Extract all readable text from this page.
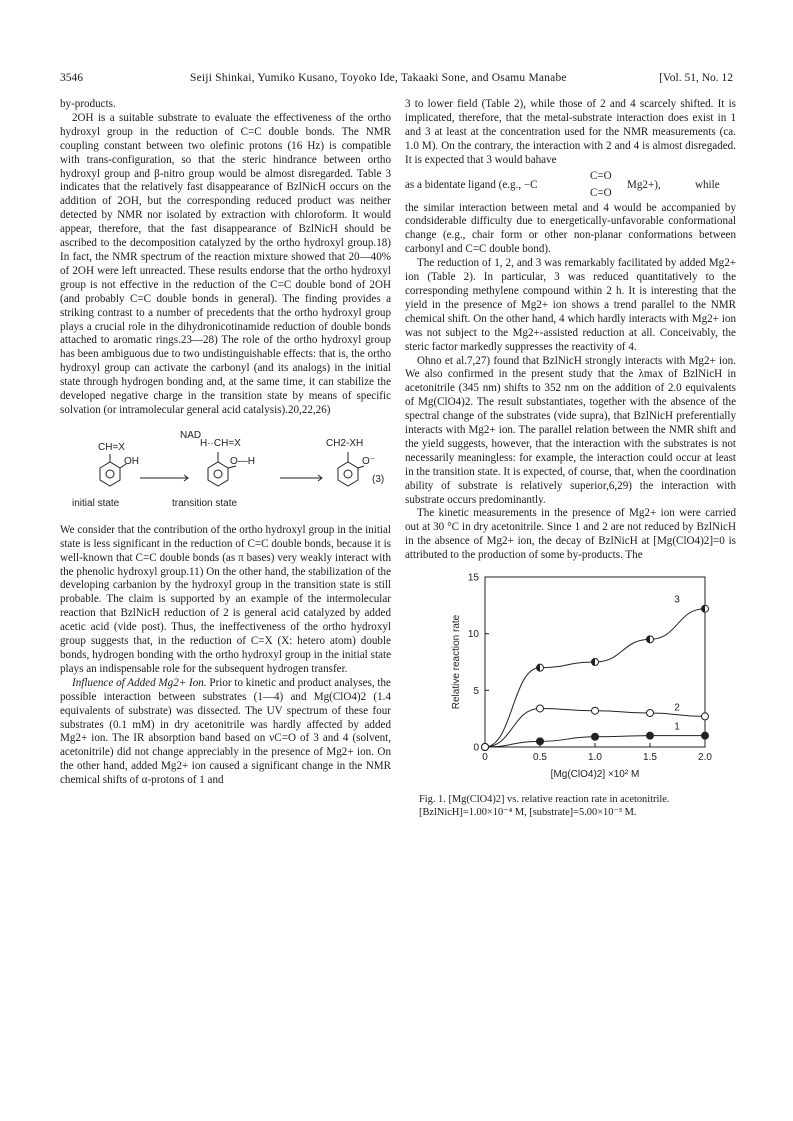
3546	Seiji Shinkai, Yumiko Kusano, Toyoko Ide, Takaaki Sone, and Osamu Manabe	[Vol. 51, No. 12

by-products.

2OH is a suitable substrate to evaluate the effectiveness of the ortho hydroxyl group in the reduction of C=C double bonds. The NMR coupling constant between two olefinic protons (16 Hz) is compatible with trans-configuration, so that the steric hindrance between ortho hydroxyl group and β-nitro group would be almost disregarded. Table 3 indicates that the relatively fast disappearance of BzlNicH occurs on the addition of 2OH, but the corresponding reduced product was neither detected by NMR nor isolated by extraction with chloroform. It would appear, therefore, that the fast disappearance of BzlNicH should be ascribed to the decomposition catalyzed by the ortho hydroxyl group.18) In fact, the NMR spectrum of the reaction mixture showed that 20—40% of 2OH were left unreacted. These results endorse that the ortho hydroxyl group is not effective in the reduction of the C=C double bond of 2OH (and probably C=C double bonds in general). The finding provides a striking contrast to a number of precedents that the ortho hydroxyl group plays a crucial role in the dihydronicotinamide reduction of double bonds attached to aromatic rings.23—28) The role of the ortho hydroxyl group has been ambiguous due to two undistinguishable effects: that is, the ortho hydroxyl group can activate the carbonyl (and its analogs) in the initial state through hydrogen bonding and, at the same time, it can stabilize the developed negative charge in the transition state by means of specific solvation (or intramolecular general acid catalysis).20,22,26)

CH=X
OH
NAD
H··CH=X
O—H
CH2-XH
O⁻
(3)
initial state	transition state

We consider that the contribution of the ortho hydroxyl group in the initial state is less significant in the reduction of C=C double bonds, because it is well-known that C=C double bonds (as π bases) very weakly interact with the phenolic hydroxyl group.11) On the other hand, the stabilization of the developing carbanion by the hydroxyl group in the transition state is still probable. The claim is supported by an example of the intermolecular reaction that BzlNicH reduction of 2 is general acid catalyzed by added acetic acid (vide post). Thus, the ineffectiveness of the ortho hydroxyl group suggests that, in the reduction of C=X (X: hetero atom) double bonds, hydrogen bonding with the ortho hydroxyl group in the initial state plays an indispensable role for the subsequent hydrogen transfer.

Influence of Added Mg2+ Ion. Prior to kinetic and product analyses, the possible interaction between substrates (1—4) and Mg(ClO4)2 (1.4 equivalents of substrate) was dissected. The UV spectrum of these four substrates (0.1 mM) in dry acetonitrile was hardly affected by added Mg2+ ion. The IR absorption band based on νC=O of 3 and 4 (solvent, acetonitrile) did not change appreciably in the presence of Mg2+ ion. On the other hand, added Mg2+ ion caused a significant change in the NMR chemical shifts of α-protons of 1 and

3 to lower field (Table 2), while those of 2 and 4 scarcely shifted. It is implicated, therefore, that the metal-substrate interaction does exist in 1 and 3 at least at the concentration used for the NMR measurements (ca. 1.0 M). On the contrary, the interaction with 2 and 4 is almost disregaded. It is expected that 3 would bahave

as a bidentate ligand (e.g., −C
C=O
C=O
Mg2+),	while

the similar interaction between metal and 4 would be accompanied by condsiderable difficulty due to energetically-unfavorable conformational change (e.g., chair form or other non-planar conformations between carbonyl and C=C double bond).

The reduction of 1, 2, and 3 was remarkably facilitated by added Mg2+ ion (Table 2). In particular, 3 was reduced quantitatively to the corresponding methylene compound within 2 h. It is interesting that the yield in the presence of Mg2+ ion shows a trend parallel to the NMR chemical shift. On the other hand, 4 which hardly interacts with Mg2+ ion was not subject to the Mg2+-assisted reduction at all. Conceivably, the steric factor markedly suppresses the reactivity of 4.

Ohno et al.7,27) found that BzlNicH strongly interacts with Mg2+ ion. We also confirmed in the present study that the λmax of BzlNicH in acetonitrile (345 nm) shifts to 352 nm on the addition of 2.0 equivalents of Mg(ClO4)2. The result substantiates, together with the absence of the spectral change of the substrates (vide supra), that BzlNicH preferentially interacts with Mg2+ ion. The parallel relation between the NMR shift and the yield suggests, however, that the interaction with the substrates is not necessarily meaningless: for example, the interaction could occur at least in the transition state. It is expected, of course, that, when the coordination ability of substrate is relatively superior,6,29) the interaction with substrate occurs predominantly.

The kinetic measurements in the presence of Mg2+ ion were carried out at 30 °C in dry acetonitrile. Since 1 and 2 are not reduced by BzlNicH in the absence of Mg2+ ion, the decay of BzlNicH at [Mg(ClO4)2]=0 is attributed to the production of some by-products. The

0	0.5	1.0	1.5	2.0
0
5
10
15
Relative reaction rate
[Mg(ClO4)2] ×10² M
3
2
1
Fig. 1. [Mg(ClO4)2] vs. relative reaction rate in acetonitrile.
[BzlNicH]=1.00×10⁻⁴ M, [substrate]=5.00×10⁻³ M.
